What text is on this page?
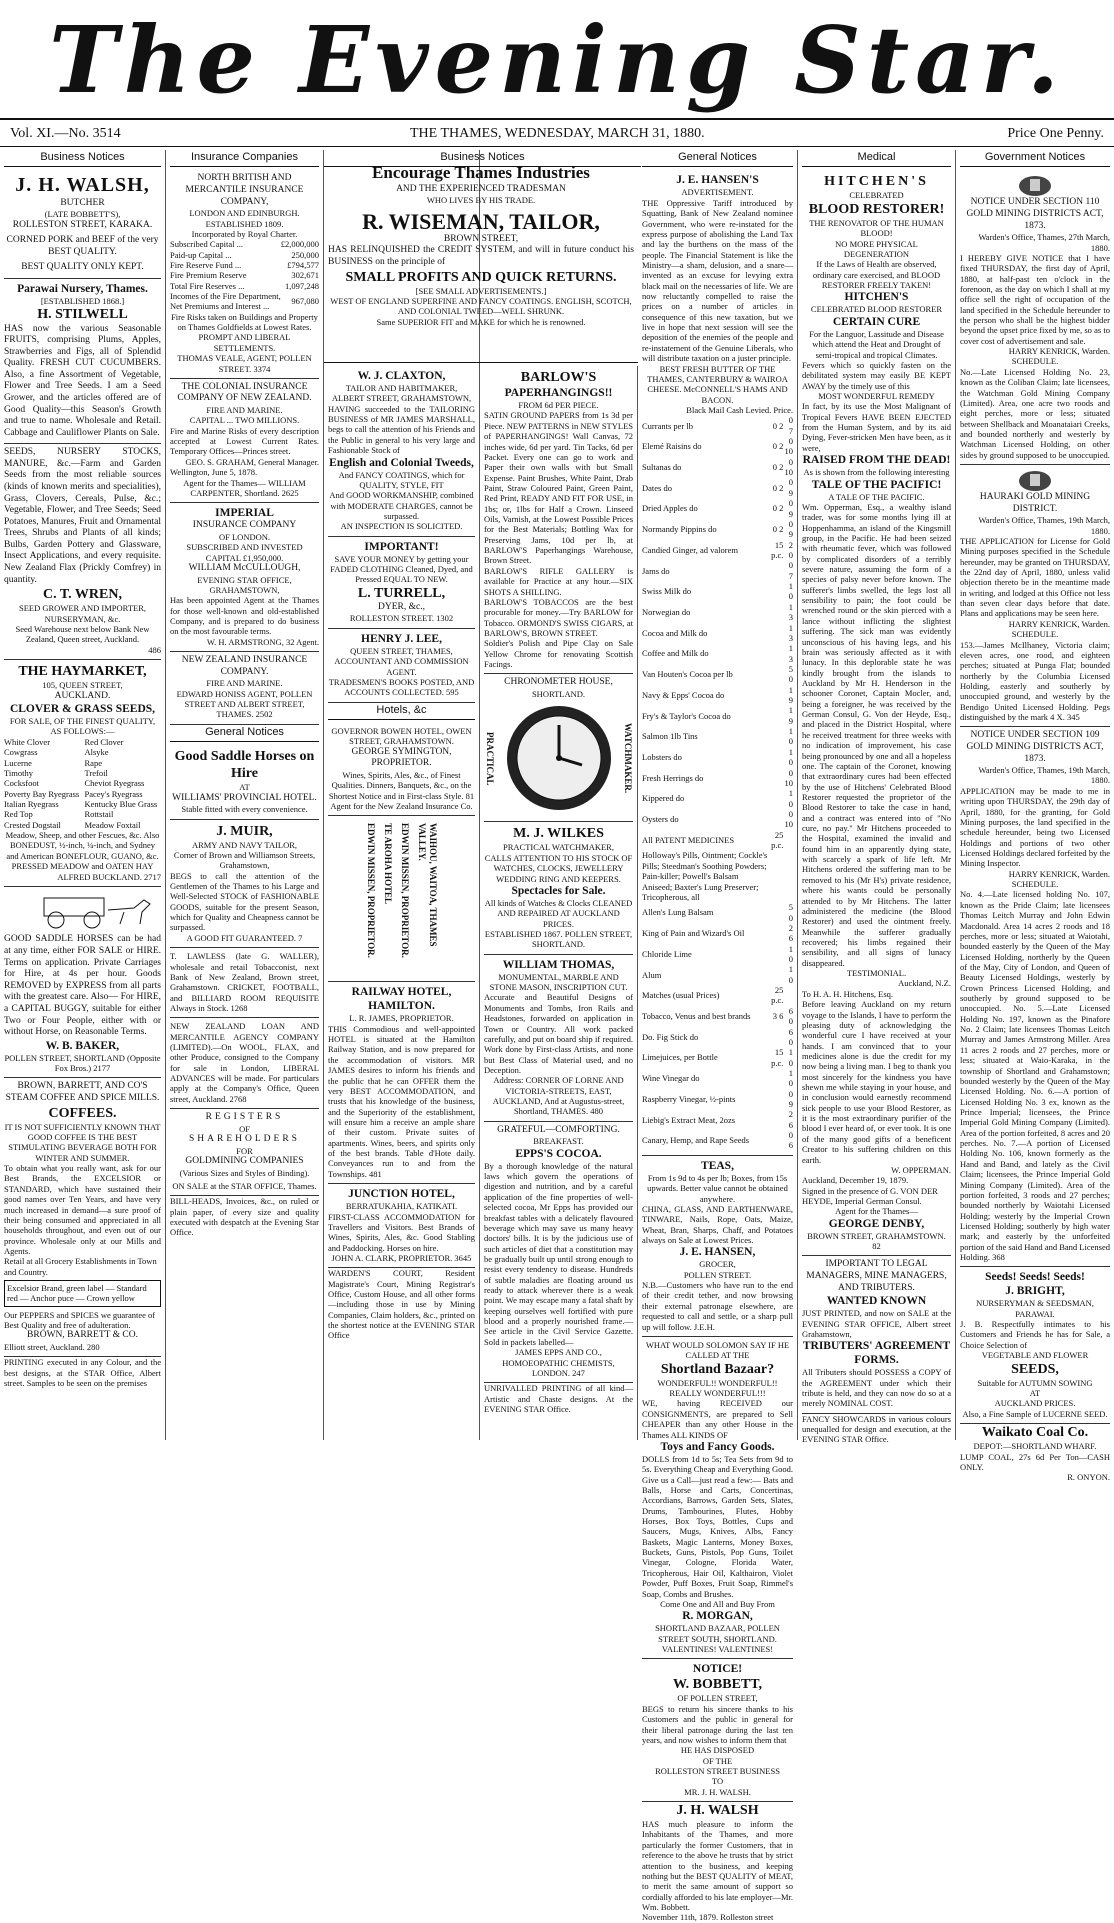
The Evening Star.
Vol. XI.—No. 3514	THE THAMES, WEDNESDAY, MARCH 31, 1880.	Price One Penny.
Business Notices
J. H. WALSH,
BUTCHER
(LATE BOBBETT'S),
ROLLESTON STREET, KARAKA.
CORNED PORK and BEEF of the very BEST QUALITY.
BEST QUALITY ONLY KEPT.
Parawai Nursery, Thames.
[ESTABLISHED 1868.]
H. STILWELL
HAS now the various Seasonable FRUITS, comprising Plums, Apples, Strawberries and Figs, all of Splendid Quality. FRESH CUT CUCUMBERS. Also, a fine Assortment of Vegetable, Flower and Tree Seeds. I am a Seed Grower, and the articles offered are of Good Quality—this Season's Growth and true to name. Wholesale and Retail. Cabbage and Cauliflower Plants on Sale.
SEEDS, NURSERY STOCKS, MANURE, &c.—Farm and Garden Seeds from the most reliable sources (kinds of known merits and specialities), Grass, Clovers, Cereals, Pulse, &c.; Vegetable, Flower, and Tree Seeds; Seed Potatoes, Manures, Fruit and Ornamental Trees, Shrubs and Plants of all kinds; Bulbs, Garden Pottery and Glassware, Insect Applications, and every requisite. New Zealand Flax (Prickly Comfrey) in quantity.
C. T. WREN,
SEED GROWER AND IMPORTER, NURSERYMAN, &c.
Seed Warehouse next below Bank New Zealand, Queen street, Auckland.
486
THE HAYMARKET,
105, QUEEN STREET,
AUCKLAND.
CLOVER & GRASS SEEDS,
FOR SALE, OF THE FINEST QUALITY, AS FOLLOWS:—
White Clover
Cowgrass
Lucerne
Timothy
Cocksfoot
Poverty Bay Ryegrass
Italian Ryegrass
Red Top
Crested Dogstail
Red Clover
Alsyke
Rape
Trefoil
Cheviot Ryegrass
Pacey's Ryegrass
Kentucky Blue Grass
Rottstail
Meadow Foxtail
Meadow, Sheep, and other Fescues, &c. Also BONEDUST, ½-inch, ¼-inch, and Sydney and American BONEFLOUR, GUANO, &c. PRESSED MEADOW and OATEN HAY
ALFRED BUCKLAND. 2717
GOOD SADDLE HORSES can be had at any time, either FOR SALE or HIRE. Terms on application. Private Carriages for Hire, at 4s per hour. Goods REMOVED by EXPRESS from all parts with the greatest care. Also— For HIRE, a CAPITAL BUGGY, suitable for either Two or Four People, either with or without Horse, on Reasonable Terms.
W. B. BAKER,
POLLEN STREET, SHORTLAND (Opposite Fox Bros.) 2177
BROWN, BARRETT, AND CO'S STEAM COFFEE AND SPICE MILLS.
COFFEES.
IT IS NOT SUFFICIENTLY KNOWN THAT GOOD COFFEE IS THE BEST STIMULATING BEVERAGE BOTH FOR WINTER AND SUMMER.
To obtain what you really want, ask for our Best Brands, the EXCELSIOR or STANDARD, which have sustained their good names over Ten Years, and have very much increased in demand—a sure proof of their being consumed and appreciated in all households throughout, and even out of our province. Wholesale only at our Mills and Agents.
Retail at all Grocery Establishments in Town and Country.
Excelsior Brand, green label — Standard red — Anchor puce — Crown yellow
Our PEPPERS and SPICES we guarantee of Best Quality and free of adulteration.
BROWN, BARRETT & CO.
Elliott street, Auckland. 280
PRINTING executed in any Colour, and the best designs, at the STAR Office, Albert street. Samples to be seen on the premises
Insurance Companies
NORTH BRITISH AND MERCANTILE INSURANCE COMPANY,
LONDON AND EDINBURGH.
ESTABLISHED 1809.
Incorporated by Royal Charter.
Subscribed Capital ...	£2,000,000
Paid-up Capital ...	250,000
Fire Reserve Fund ...	£794,577
Fire Premium Reserve	302,671
Total Fire Reserves ...	1,097,248
Incomes of the Fire Department, Net Premiums and Interest ...	967,080
Fire Risks taken on Buildings and Property on Thames Goldfields at Lowest Rates. PROMPT AND LIBERAL SETTLEMENTS.
THOMAS VEALE, AGENT, POLLEN STREET. 3374
THE COLONIAL INSURANCE COMPANY OF NEW ZEALAND.
FIRE AND MARINE.
CAPITAL ... TWO MILLIONS.
Fire and Marine Risks of every description accepted at Lowest Current Rates. Temporary Offices—Princes street.
GEO. S. GRAHAM, General Manager.
Wellington, June 5, 1878.
Agent for the Thames— WILLIAM CARPENTER, Shortland. 2625
IMPERIAL
INSURANCE COMPANY
OF LONDON.
SUBSCRIBED AND INVESTED CAPITAL £1,950,000.
WILLIAM McCULLOUGH,
EVENING STAR OFFICE,
GRAHAMSTOWN,
Has been appointed Agent at the Thames for those well-known and old-established Company, and is prepared to do business on the most favourable terms.
W. H. ARMSTRONG, 32 Agent.
NEW ZEALAND INSURANCE COMPANY.
FIRE AND MARINE.
EDWARD HONISS AGENT, POLLEN STREET AND ALBERT STREET, THAMES. 2502
General Notices
Good Saddle Horses on Hire
AT
WILLIAMS' PROVINCIAL HOTEL.
Stable fitted with every convenience.
J. MUIR,
ARMY AND NAVY TAILOR,
Corner of Brown and Williamson Streets, Grahamstown,
BEGS to call the attention of the Gentlemen of the Thames to his Large and Well-Selected STOCK of FASHIONABLE GOODS, suitable for the present Season, which for Quality and Cheapness cannot be surpassed.
A GOOD FIT GUARANTEED. 7
T. LAWLESS (late G. WALLER), wholesale and retail Tobacconist, next Bank of New Zealand, Brown street, Grahamstown. CRICKET, FOOTBALL, and BILLIARD ROOM REQUISITE Always in Stock. 1268
NEW ZEALAND LOAN AND MERCANTILE AGENCY COMPANY (LIMITED).—On WOOL, FLAX, and other Produce, consigned to the Company for sale in London, LIBERAL ADVANCES will be made. For particulars apply at the Company's Office, Queen street, Auckland. 2768
REGISTERS
OF
SHAREHOLDERS
FOR
GOLDMINING COMPANIES
(Various Sizes and Styles of Binding).
ON SALE at the STAR OFFICE, Thames.
BILL-HEADS, Invoices, &c., on ruled or plain paper, of every size and quality executed with despatch at the Evening Star Office.
Business Notices
Encourage Thames Industries
AND THE EXPERIENCED TRADESMAN
WHO LIVES BY HIS TRADE.
R. WISEMAN, TAILOR,
BROWN STREET,
HAS RELINQUISHED the CREDIT SYSTEM, and will in future conduct his BUSINESS on the principle of
SMALL PROFITS AND QUICK RETURNS.
[SEE SMALL ADVERTISEMENTS.]
WEST OF ENGLAND SUPERFINE AND FANCY COATINGS. ENGLISH, SCOTCH, AND COLONIAL TWEED—WELL SHRUNK.
Same SUPERIOR FIT and MAKE for which he is renowned.
W. J. CLAXTON,
TAILOR AND HABITMAKER,
ALBERT STREET, GRAHAMSTOWN,
HAVING succeeded to the TAILORING BUSINESS of MR JAMES MARSHALL, begs to call the attention of his Friends and the Public in general to his very large and Fashionable Stock of
English and Colonial Tweeds,
And FANCY COATINGS, which for QUALITY, STYLE, FIT
And GOOD WORKMANSHIP, combined with MODERATE CHARGES, cannot be surpassed.
AN INSPECTION IS SOLICITED.
IMPORTANT!
SAVE YOUR MONEY by getting your FADED CLOTHING Cleaned, Dyed, and Pressed EQUAL TO NEW.
L. TURRELL,
DYER, &c.,
ROLLESTON STREET. 1302
HENRY J. LEE,
QUEEN STREET, THAMES,
ACCOUNTANT AND COMMISSION AGENT.
TRADESMEN'S BOOKS POSTED, AND ACCOUNTS COLLECTED. 595
Hotels, &c
GOVERNOR BOWEN HOTEL, OWEN STREET, GRAHAMSTOWN.
GEORGE SYMINGTON, PROPRIETOR.
Wines, Spirits, Ales, &c., of Finest Qualities. Dinners, Banquets, &c., on the Shortest Notice and in First-class Style. 81
Agent for the New Zealand Insurance Co.
EDWIN MISSEN, PROPRIETOR. TE AROHA HOTEL EDWIN MISSEN, PROPRIETOR.	WAIHOU, WAITOA, THAMES VALLEY.
RAILWAY HOTEL, HAMILTON.
L. R. JAMES, PROPRIETOR.
THIS Commodious and well-appointed HOTEL is situated at the Hamilton Railway Station, and is now prepared for the accommodation of visitors. MR JAMES desires to inform his friends and the public that he can OFFER them the very BEST ACCOMMODATION, and trusts that his knowledge of the business, and the Superiority of the establishment, will ensure him a receive an ample share of their custom. Private suites of apartments. Wines, beers, and spirits only of the best brands. Table d'Hote daily. Conveyances run to and from the Townships. 481
JUNCTION HOTEL,
BERRATUKAHIA, KATIKATI.
FIRST-CLASS ACCOMMODATION for Travellers and Visitors. Best Brands of Wines, Spirits, Ales, &c. Good Stabling and Paddocking. Horses on hire.
JOHN A. CLARK, PROPRIETOR. 3645
WARDEN'S COURT, Resident Magistrate's Court, Mining Registrar's Office, Custom House, and all other forms—including those in use by Mining Companies, Claim holders, &c., printed on the shortest notice at the EVENING STAR Office
BARLOW'S
PAPERHANGINGS!!
FROM 6d PER PIECE.
SATIN GROUND PAPERS from 1s 3d per Piece. NEW PATTERNS in NEW STYLES of PAPERHANGINGS! Wall Canvas, 72 inches wide, 6d per yard. Tin Tacks, 6d per Packet. Every one can go to work and Paper their own walls with but Small Expense. Paint Brushes, White Paint, Drab Paint, Straw Coloured Paint, Green Paint, Red Print, READY AND FIT FOR USE, in 1bs; or, 1lbs for Half a Crown. Linseed Oils, Varnish, at the Lowest Possible Prices for the Best Materials; Bottling Wax for Preserving Jams, 10d per lb, at BARLOW'S Paperhangings Warehouse, Brown Street.
BARLOW'S RIFLE GALLERY is available for Practice at any hour.—SIX SHOTS A SHILLING.
BARLOW'S TOBACCOS are the best procurable for money.—Try BARLOW for Tobacco. ORMOND'S SWISS CIGARS, at BARLOW'S, BROWN STREET.
Soldier's Polish and Pipe Clay on Sale Yellow Chrome for renovating Scottish Facings.
CHRONOMETER HOUSE,
SHORTLAND.
PRACTICAL	WATCHMAKER.
M. J. WILKES
PRACTICAL WATCHMAKER,
CALLS ATTENTION TO HIS STOCK OF WATCHES, CLOCKS, JEWELLERY WEDDING RING AND KEEPERS.
Spectacles for Sale.
All kinds of Watches & Clocks CLEANED AND REPAIRED AT AUCKLAND PRICES.
ESTABLISHED 1867. POLLEN STREET, SHORTLAND.
WILLIAM THOMAS,
MONUMENTAL, MARBLE AND STONE MASON, INSCRIPTION CUT.
Accurate and Beautiful Designs of Monuments and Tombs, Iron Rails and Headstones, forwarded on application in Town or Country. All work packed carefully, and put on board ship if required. Work done by First-class Artists, and none but Best Class of Material used, and no Deception.
Address: CORNER OF LORNE AND VICTORIA-STREETS, EAST, AUCKLAND, And at Augustus-street, Shortland, THAMES. 480
GRATEFUL—COMFORTING.
BREAKFAST.
EPPS'S COCOA.
By a thorough knowledge of the natural laws which govern the operations of digestion and nutrition, and by a careful application of the fine properties of well-selected cocoa, Mr Epps has provided our breakfast tables with a delicately flavoured beverage which may save us many heavy doctors' bills. It is by the judicious use of such articles of diet that a constitution may be gradually built up until strong enough to resist every tendency to disease. Hundreds of subtle maladies are floating around us ready to attack wherever there is a weak point. We may escape many a fatal shaft by keeping ourselves well fortified with pure blood and a properly nourished frame.—See article in the Civil Service Gazette. Sold in packets labelled—
JAMES EPPS AND CO., HOMOEOPATHIC CHEMISTS, LONDON. 247
UNRIVALLED PRINTING of all kind—Artistic and Chaste designs. At the EVENING STAR Office.
General Notices
J. E. HANSEN'S
ADVERTISEMENT.
THE Oppressive Tariff introduced by Squatting, Bank of New Zealand nominee Government, who were re-instated for the express purpose of abolishing the Land Tax and lay the burthens on the mass of the people. The Financial Statement is like the Ministry—a sham, delusion, and a snare—invented as an excuse for levying extra black mail on the necessaries of life. We are now reluctantly compelled to raise the prices on a number of articles in consequence of this new taxation, but we live in hope that next session will see the deposition of the enemies of the people and re-instatement of the Genuine Liberals, who will distribute taxation on a juster principle.
BEST FRESH BUTTER OF THE THAMES, CANTERBURY & WAIROA CHEESE. McCONNELL'S HAMS AND BACON.
Black Mail Cash Levied. Price.
Currants per lb	0 2	0 7
Elemé Raisins do	0 2	0 10
Sultanas do	0 2	0 10
Dates do	0 2	0 9
Dried Apples do	0 2	0 9
Normandy Pippins do	0 2	0 9
Candied Ginger, ad valorem	15 p.c.	2 0
Jams do		0 7
Swiss Milk do		1 0
Norwegian do		1 3
Cocoa and Milk do		1 3
Coffee and Milk do		1 3
Van Houten's Cocoa per lb		5 0
Navy & Epps' Cocoa do		1 9
Fry's & Taylor's Cocoa do		1 9
Salmon 1lb Tins		1 0
Lobsters do		1 0
Fresh Herrings do		0 10
Kippered do		1 0
Oysters do		0 10
All PATENT MEDICINES	25 p.c.	
Holloway's Pills, Ointment; Cockle's Pills; Steedman's Soothing Powders; Pain-killer; Powell's Balsam Aniseed; Baxter's Lung Preserver; Tricopherous, all		
Allen's Lung Balsam		5 0
King of Pain and Wizard's Oil		2 6
Chloride Lime		1 0
Alum		1 0
Matches (usual Prices)	25 p.c.	
Tobacco, Venus and best brands	3 6	6 0
Do. Fig Stick do		6 0
Limejuices, per Bottle	15 p.c.	1 0
Wine Vinegar do		1 0
Raspberry Vinegar, ½-pints		0 9
Liebig's Extract Meat, 2ozs		2 6
Canary, Hemp, and Rape Seeds		0 6
TEAS,
From 1s 9d to 4s per lb; Boxes, from 15s upwards. Better value cannot be obtained anywhere.
CHINA, GLASS, AND EARTHENWARE, TINWARE, Nails, Rope, Oats, Maize, Wheat, Bran, Sharps, Chaff, and Potatoes always on Sale at Lowest Prices.
J. E. HANSEN,
GROCER,
POLLEN STREET.
N.B.—Customers who have run to the end of their credit tether, and now browsing their external patronage elsewhere, are requested to call and settle, or a sharp pull up will follow. J.E.H.
WHAT WOULD SOLOMON SAY IF HE CALLED AT THE
Shortland Bazaar?
WONDERFUL!! WONDERFUL!! REALLY WONDERFUL!!!
WE, having RECEIVED our CONSIGNMENTS, are prepared to Sell CHEAPER than any other House in the Thames ALL KINDS OF
Toys and Fancy Goods.
DOLLS from 1d to 5s; Tea Sets from 9d to 5s. Everything Cheap and Everything Good. Give us a Call—just read a few:— Bats and Balls, Horse and Carts, Concertinas, Accordians, Barrows, Garden Sets, Slates, Drums, Tambourines, Flutes, Hobby Horses, Box Toys, Bottles, Cups and Saucers, Mugs, Knives, Albs, Fancy Baskets, Magic Lanterns, Money Boxes, Buckets, Guns, Pistols, Pop Guns, Toilet Vinegar, Cologne, Florida Water, Tricopherous, Hair Oil, Kalthairon, Violet Powder, Puff Boxes, Fruit Soap, Rimmel's Soap, Combs and Brushes.
Come One and All and Buy From
R. MORGAN,
SHORTLAND BAZAAR, POLLEN STREET SOUTH, SHORTLAND.
VALENTINES! VALENTINES!
NOTICE!
W. BOBBETT,
OF POLLEN STREET,
BEGS to return his sincere thanks to his Customers and the public in general for their liberal patronage during the last ten years, and now wishes to inform them that
HE HAS DISPOSED
OF THE
ROLLESTON STREET BUSINESS
TO
MR. J. H. WALSH.
J. H. WALSH
HAS much pleasure to inform the Inhabitants of the Thames, and more particularly the former Customers, that in reference to the above he trusts that by strict attention to the business, and keeping nothing but the BEST QUALITY of MEAT, to merit the same amount of support so cordially afforded to his late employer—Mr. Wm. Bobbett.
November 11th, 1879. Rolleston street
Medical
HITCHEN'S
CELEBRATED
BLOOD RESTORER!
THE RENOVATOR OF THE HUMAN BLOOD!
NO MORE PHYSICAL DEGENERATION
If the Laws of Health are observed, ordinary care exercised, and BLOOD RESTORER FREELY TAKEN!
HITCHEN'S
CELEBRATED BLOOD RESTORER
CERTAIN CURE
For the Languor, Lassitude and Disease which attend the Heat and Drought of semi-tropical and tropical Climates.
Fevers which so quickly fasten on the debilitated system may easily BE KEPT AWAY by the timely use of this
MOST WONDERFUL REMEDY
In fact, by its use the Most Malignant of Tropical Fevers HAVE BEEN EJECTED from the Human System, and by its aid Dying, Fever-stricken Men have been, as it were,
RAISED FROM THE DEAD!
As is shown from the following interesting
TALE OF THE PACIFIC!
A TALE OF THE PACIFIC.
Wm. Opperman, Esq., a wealthy island trader, was for some months lying ill at Hoppenhamma, an island of the Kingsmill group, in the Pacific. He had been seized with rheumatic fever, which was followed by complicated disorders of a terribly severe nature, assuming the form of a species of palsy never before known. The sufferer's limbs swelled, the legs lost all sensibility to pain; the foot could be wrenched round or the skin pierced with a lance without inflicting the slightest suffering. The sick man was evidently unconscious of his having legs, and his brain was seriously affected as it with lunacy. In this deplorable state he was kindly brought from the islands to Auckland by Mr H. Henderson in the schooner Coronet, Captain Mocler, and, being a foreigner, he was received by the German Consul, G. Von der Heyde, Esq., and placed in the District Hospital, where he received treatment for three weeks with no indication of improvement, his case being pronounced by one and all a hopeless one. The captain of the Coronet, knowing that extraordinary cures had been effected by the use of Hitchens' Celebrated Blood Restorer requested the proprietor of the Blood Restorer to take the case in hand, and a contract was entered into of "No cure, no pay." Mr Hitchens proceeded to the Hospital, examined the invalid and found him in an apparently dying state, with scarcely a spark of life left. Mr Hitchens ordered the suffering man to be removed to his (Mr H's) private residence, where his wants could be personally attended to by Mr Hitchens. The latter administered the medicine (the Blood Restorer) and used the ointment freely. Meanwhile the sufferer gradually recovered; his limbs regained their sensibility, and all signs of lunacy disappeared.
TESTIMONIAL.
Auckland, N.Z.
To H. A. H. Hitchens, Esq.
Before leaving Auckland on my return voyage to the Islands, I have to perform the pleasing duty of acknowledging the wonderful cure I have received at your hands. I am convinced that to your medicines alone is due the credit for my now being a living man. I beg to thank you most sincerely for the kindness you have shewn me while staying in your house, and in conclusion would earnestly recommend sick people to use your Blood Restorer, as it is the most extraordinary purifier of the blood I ever heard of, or ever took. It is one of the many good gifts of a beneficent Creator to his suffering children on this earth.
W. OPPERMAN.
Auckland, December 19, 1879.
Signed in the presence of G. VON DER HEYDE, Imperial German Consul.
Agent for the Thames—
GEORGE DENBY,
BROWN STREET, GRAHAMSTOWN. 82
IMPORTANT TO LEGAL MANAGERS, MINE MANAGERS, AND TRIBUTERS.
WANTED KNOWN
JUST PRINTED, and now on SALE at the EVENING STAR OFFICE, Albert street Grahamstown,
TRIBUTERS' AGREEMENT FORMS.
All Tributers should POSSESS a COPY of the AGREEMENT under which their tribute is held, and they can now do so at a merely NOMINAL COST.
FANCY SHOWCARDS in various colours unequalled for design and execution, at the EVENING STAR Office.
Government Notices
NOTICE UNDER SECTION 110 GOLD MINING DISTRICTS ACT, 1873.
Warden's Office, Thames, 27th March, 1880.
I HEREBY GIVE NOTICE that I have fixed THURSDAY, the first day of April, 1880, at half-past ten o'clock in the forenoon, as the day on which I shall at my office sell the right of occupation of the land specified in the Schedule hereunder to the person who shall be the highest bidder beyond the upset price fixed by me, so as to cover cost of advertisement and sale.
HARRY KENRICK, Warden.
SCHEDULE.
No.—Late Licensed Holding No. 23, known as the Coliban Claim; late licensees, the Watchman Gold Mining Company (Limited). Area, one acre two roods and eight perches, more or less; situated between Shellback and Moanataiari Creeks, and bounded northerly and westerly by Watchman Licensed Holding, on other sides by ground supposed to be unoccupied.
HAURAKI GOLD MINING DISTRICT.
Warden's Office, Thames, 19th March, 1880.
THE APPLICATION for License for Gold Mining purposes specified in the Schedule hereunder, may be granted on THURSDAY, the 22nd day of April, 1880, unless valid objection thereto be in the meantime made in writing, and lodged at this Office not less than seven clear days before that date. Plans and applications may be seen here.
HARRY KENRICK, Warden.
SCHEDULE.
153.—James McIlhaney, Victoria claim; eleven acres, one rood, and eighteen perches; situated at Punga Flat; bounded northerly by the Columbia Licensed Holding, easterly and southerly by unoccupied ground, and westerly by the Bendigo United Licensed Holding. Pegs distinguished by the mark 4 X. 345
NOTICE UNDER SECTION 109 GOLD MINING DISTRICTS ACT, 1873.
Warden's Office, Thames, 19th March, 1880.
APPLICATION may be made to me in writing upon THURSDAY, the 29th day of April, 1880, for the granting, for Gold Mining purposes, the land specified in the schedule hereunder, being two Licensed Holdings and portions of two other Licensed Holdings declared forfeited by the Mining Inspector.
HARRY KENRICK, Warden.
SCHEDULE.
No. 4.—Late licensed holding No. 107, known as the Pride Claim; late licensees Thomas Leitch Murray and John Edwin Macdonald. Area 14 acres 2 roods and 18 perches, more or less; situated at Waiotahi, bounded easterly by the Queen of the May Licensed Holding, northerly by the Queen of the May, City of London, and Queen of Beauty Licensed Holdings, westerly by Crown Princess Licensed Holding, and southerly by ground supposed to be unoccupied. No. 5.—Late Licensed Holding No. 197, known as the Pinafore No. 2 Claim; late licensees Thomas Leitch Murray and James Armstrong Miller. Area 11 acres 2 roods and 27 perches, more or less; situated at Waio-Karaka, in the township of Shortland and Grahamstown; bounded westerly by the Queen of the May Licensed Holding. No. 6.—A portion of Licensed Holding No. 3 ex, known as the Prince Imperial; licensees, the Prince Imperial Gold Mining Company (Limited). Area of the portion forfeited, 8 acres and 20 perches. No. 7.—A portion of Licensed Holding No. 106, known formerly as the Hand and Band, and lately as the Civil Claim; licensees, the Prince Imperial Gold Mining Company (Limited). Area of the portion forfeited, 3 roods and 27 perches; bounded northerly by Waiotahi Licensed Holding; westerly by the Imperial Crown Licensed Holding; southerly by high water mark; and easterly by the unforfeited portion of the said Hand and Band Licensed Holding. 368
Seeds! Seeds! Seeds!
J. BRIGHT,
NURSERYMAN & SEEDSMAN,
PARAWAI.
J. B. Respectfully intimates to his Customers and Friends he has for Sale, a Choice Selection of
VEGETABLE AND FLOWER
SEEDS,
Suitable for AUTUMN SOWING
AT
AUCKLAND PRICES.
Also, a Fine Sample of LUCERNE SEED.
Waikato Coal Co.
DEPOT:—SHORTLAND WHARF.
LUMP COAL, 27s 6d Per Ton—CASH ONLY.
R. ONYON.
